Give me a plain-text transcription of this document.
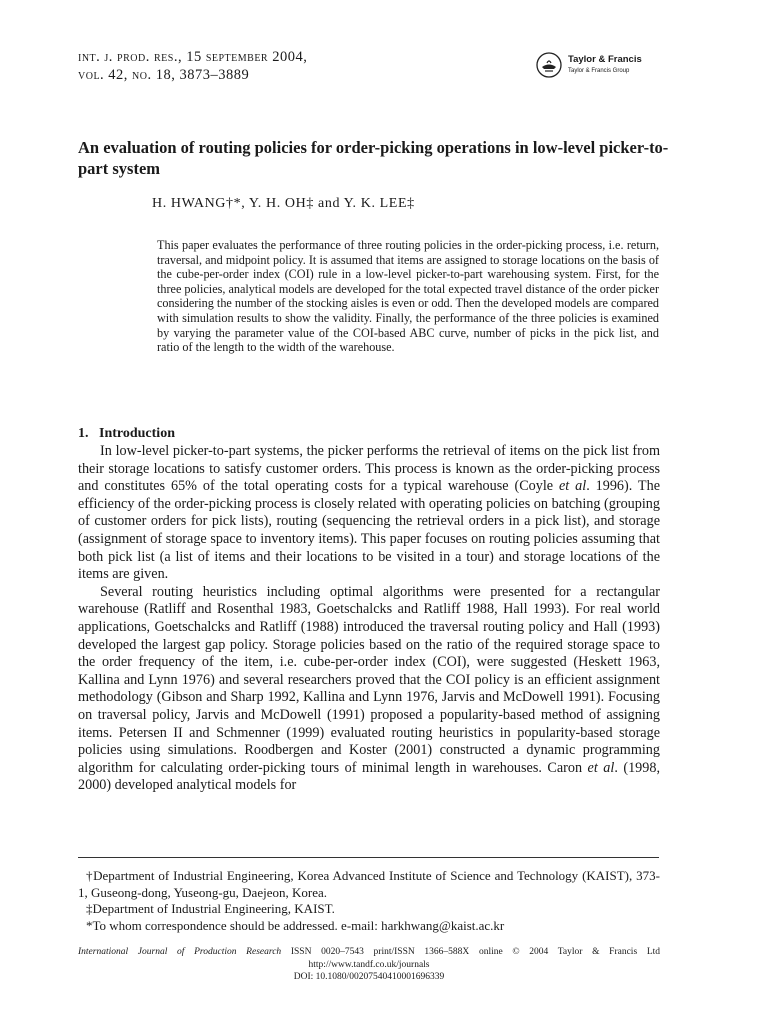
int. j. prod. res., 15 september 2004,

vol. 42, no. 18, 3873–3889

Taylor & Francis
Taylor & Francis Group
An evaluation of routing policies for order-picking operations in low-level picker-to-part system

H. HWANG†*, Y. H. OH‡ and Y. K. LEE‡

This paper evaluates the performance of three routing policies in the order-picking process, i.e. return, traversal, and midpoint policy. It is assumed that items are assigned to storage locations on the basis of the cube-per-order index (COI) rule in a low-level picker-to-part warehousing system. First, for the three policies, analytical models are developed for the total expected travel distance of the order picker considering the number of the stocking aisles is even or odd. Then the developed models are compared with simulation results to show the validity. Finally, the performance of the three policies is examined by varying the parameter value of the COI-based ABC curve, number of picks in the pick list, and ratio of the length to the width of the warehouse.

1. Introduction

In low-level picker-to-part systems, the picker performs the retrieval of items on the pick list from their storage locations to satisfy customer orders. This process is known as the order-picking process and constitutes 65% of the total operating costs for a typical warehouse (Coyle et al. 1996). The efficiency of the order-picking process is closely related with operating policies on batching (grouping of customer orders for pick lists), routing (sequencing the retrieval orders in a pick list), and storage (assignment of storage space to inventory items). This paper focuses on routing policies assuming that both pick list (a list of items and their locations to be visited in a tour) and storage locations of the items are given.

Several routing heuristics including optimal algorithms were presented for a rectangular warehouse (Ratliff and Rosenthal 1983, Goetschalcks and Ratliff 1988, Hall 1993). For real world applications, Goetschalcks and Ratliff (1988) introduced the traversal routing policy and Hall (1993) developed the largest gap policy. Storage policies based on the ratio of the required storage space to the order frequency of the item, i.e. cube-per-order index (COI), were suggested (Heskett 1963, Kallina and Lynn 1976) and several researchers proved that the COI policy is an efficient assignment methodology (Gibson and Sharp 1992, Kallina and Lynn 1976, Jarvis and McDowell 1991). Focusing on traversal policy, Jarvis and McDowell (1991) proposed a popularity-based method of assigning items. Petersen II and Schmenner (1999) evaluated routing heuristics in popularity-based storage policies using simulations. Roodbergen and Koster (2001) constructed a dynamic programming algorithm for calculating order-picking tours of minimal length in warehouses. Caron et al. (1998, 2000) developed analytical models for

†Department of Industrial Engineering, Korea Advanced Institute of Science and Technology (KAIST), 373-1, Guseong-dong, Yuseong-gu, Daejeon, Korea.

‡Department of Industrial Engineering, KAIST.

*To whom correspondence should be addressed. e-mail: harkhwang@kaist.ac.kr

International Journal of Production Research ISSN 0020–7543 print/ISSN 1366–588X online © 2004 Taylor & Francis Ltd

http://www.tandf.co.uk/journals

DOI: 10.1080/00207540410001696339
